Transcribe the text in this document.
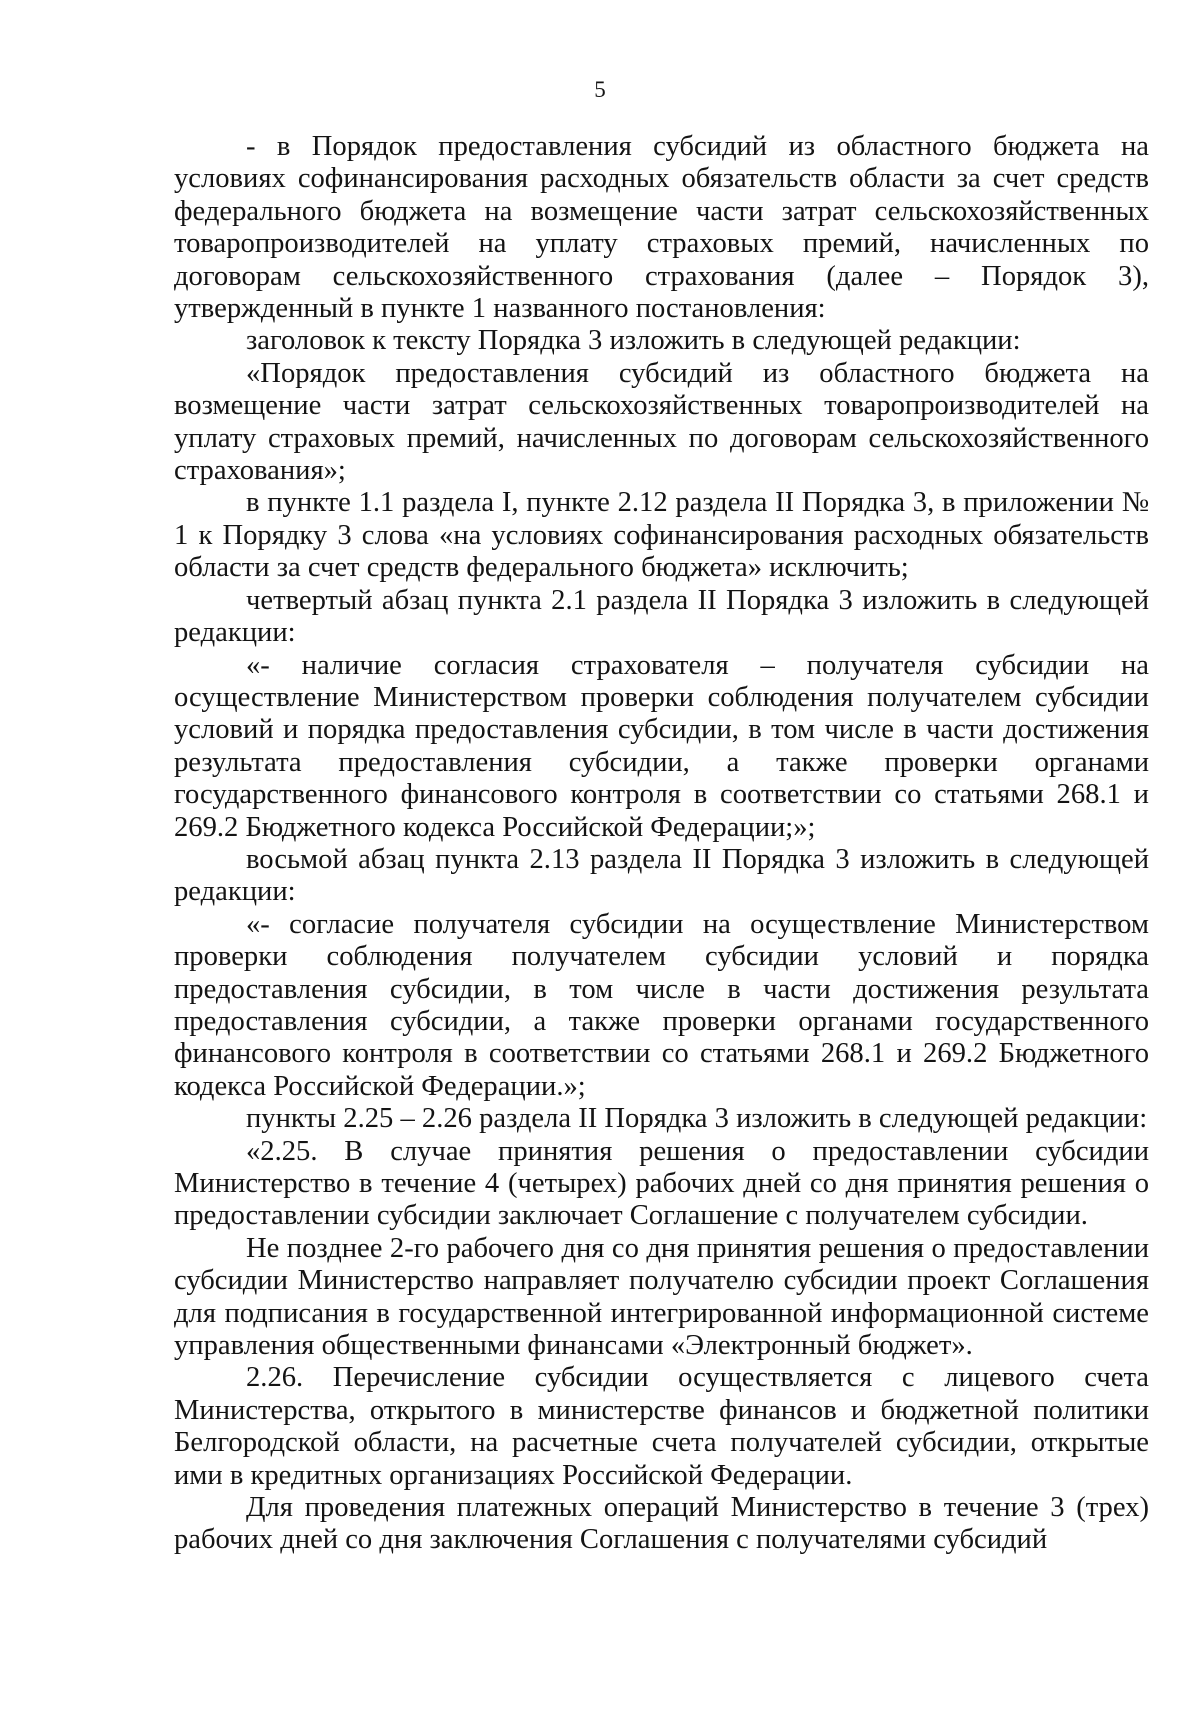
5

- в Порядок предоставления субсидий из областного бюджета на условиях софинансирования расходных обязательств области за счет средств федерального бюджета на возмещение части затрат сельскохозяйственных товаропроизводителей на уплату страховых премий, начисленных по договорам сельскохозяйственного страхования (далее – Порядок 3), утвержденный в пункте 1 названного постановления:

заголовок к тексту Порядка 3 изложить в следующей редакции:

«Порядок предоставления субсидий из областного бюджета на возмещение части затрат сельскохозяйственных товаропроизводителей на уплату страховых премий, начисленных по договорам сельскохозяйственного страхования»;

в пункте 1.1 раздела I, пункте 2.12 раздела II Порядка 3, в приложении № 1 к Порядку 3 слова «на условиях софинансирования расходных обязательств области за счет средств федерального бюджета» исключить;

четвертый абзац пункта 2.1 раздела II Порядка 3 изложить в следующей редакции:

«- наличие согласия страхователя – получателя субсидии на осуществление Министерством проверки соблюдения получателем субсидии условий и порядка предоставления субсидии, в том числе в части достижения результата предоставления субсидии, а также проверки органами государственного финансового контроля в соответствии со статьями 268.1 и 269.2 Бюджетного кодекса Российской Федерации;»;

восьмой абзац пункта 2.13 раздела II Порядка 3 изложить в следующей редакции:

«- согласие получателя субсидии на осуществление Министерством проверки соблюдения получателем субсидии условий и порядка предоставления субсидии, в том числе в части достижения результата предоставления субсидии, а также проверки органами государственного финансового контроля в соответствии со статьями 268.1 и 269.2 Бюджетного кодекса Российской Федерации.»;

пункты 2.25 – 2.26 раздела II Порядка 3 изложить в следующей редакции:

«2.25. В случае принятия решения о предоставлении субсидии Министерство в течение 4 (четырех) рабочих дней со дня принятия решения о предоставлении субсидии заключает Соглашение с получателем субсидии.

Не позднее 2-го рабочего дня со дня принятия решения о предоставлении субсидии Министерство направляет получателю субсидии проект Соглашения для подписания в государственной интегрированной информационной системе управления общественными финансами «Электронный бюджет».

2.26. Перечисление субсидии осуществляется с лицевого счета Министерства, открытого в министерстве финансов и бюджетной политики Белгородской области, на расчетные счета получателей субсидии, открытые ими в кредитных организациях Российской Федерации.

Для проведения платежных операций Министерство в течение 3 (трех) рабочих дней со дня заключения Соглашения с получателями субсидий
